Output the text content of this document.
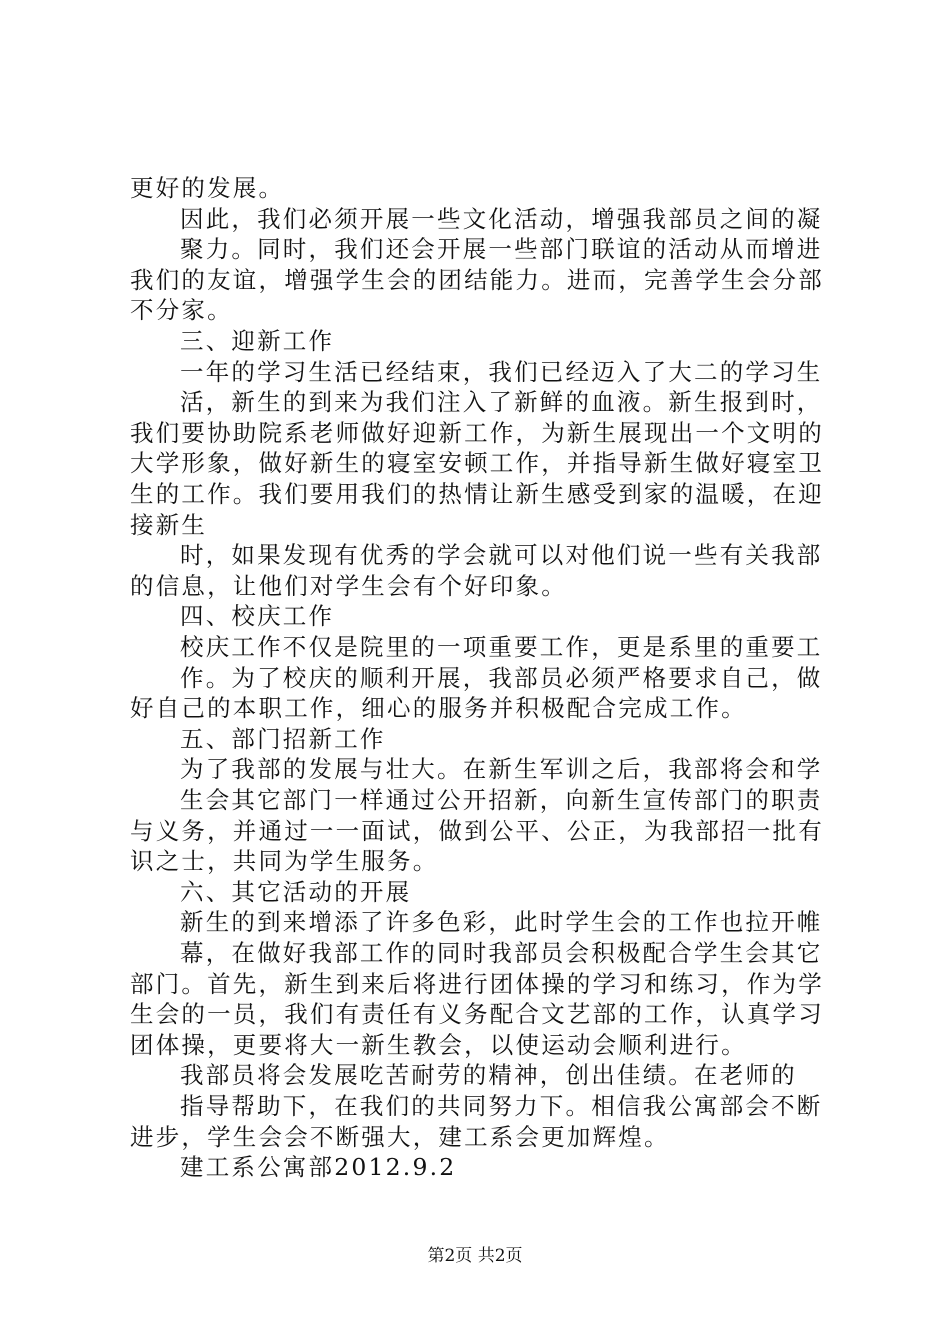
更好的发展。
因此，我们必须开展一些文化活动，增强我部员之间的凝
聚力。同时，我们还会开展一些部门联谊的活动从而增进
我们的友谊，增强学生会的团结能力。进而，完善学生会分部
不分家。
三、迎新工作
一年的学习生活已经结束，我们已经迈入了大二的学习生
活，新生的到来为我们注入了新鲜的血液。新生报到时，
我们要协助院系老师做好迎新工作，为新生展现出一个文明的
大学形象，做好新生的寝室安顿工作，并指导新生做好寝室卫
生的工作。我们要用我们的热情让新生感受到家的温暖，在迎
接新生
时，如果发现有优秀的学会就可以对他们说一些有关我部
的信息，让他们对学生会有个好印象。
四、校庆工作
校庆工作不仅是院里的一项重要工作，更是系里的重要工
作。为了校庆的顺利开展，我部员必须严格要求自己，做
好自己的本职工作，细心的服务并积极配合完成工作。
五、部门招新工作
为了我部的发展与壮大。在新生军训之后，我部将会和学
生会其它部门一样通过公开招新，向新生宣传部门的职责
与义务，并通过一一面试，做到公平、公正，为我部招一批有
识之士，共同为学生服务。
六、其它活动的开展
新生的到来增添了许多色彩，此时学生会的工作也拉开帷
幕，在做好我部工作的同时我部员会积极配合学生会其它
部门。首先，新生到来后将进行团体操的学习和练习，作为学
生会的一员，我们有责任有义务配合文艺部的工作，认真学习
团体操，更要将大一新生教会，以使运动会顺利进行。
我部员将会发展吃苦耐劳的精神，创出佳绩。在老师的
指导帮助下，在我们的共同努力下。相信我公寓部会不断
进步，学生会会不断强大，建工系会更加辉煌。
建工系公寓部2012.9.2
第2页 共2页
